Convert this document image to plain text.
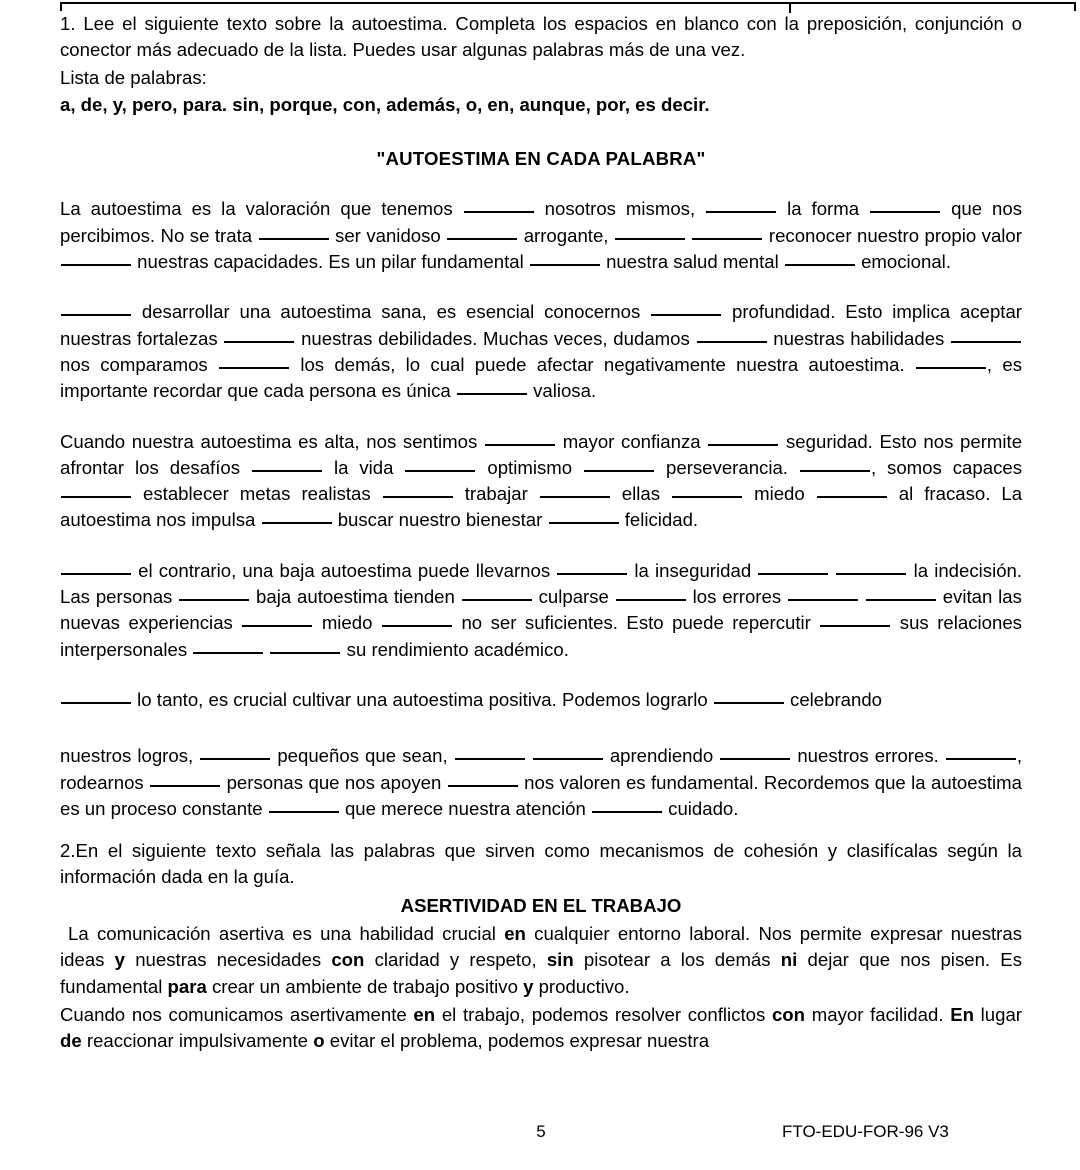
1. Lee el siguiente texto sobre la autoestima. Completa los espacios en blanco con la preposición, conjunción o conector más adecuado de la lista. Puedes usar algunas palabras más de una vez.

Lista de palabras:

a, de, y, pero, para. sin, porque, con, además, o, en, aunque, por, es decir.

"AUTOESTIMA EN CADA PALABRA"

La autoestima es la valoración que tenemos	nosotros mismos,	la forma	que nos percibimos. No se trata	ser vanidoso	arrogante,	reconocer nuestro propio valor  nuestras capacidades. Es un pilar fundamental	nuestra salud mental	emocional.

desarrollar una autoestima sana, es esencial conocernos	profundidad. Esto implica aceptar nuestras fortalezas	nuestras debilidades. Muchas veces, dudamos	nuestras habilidades  nos comparamos	los demás, lo cual puede afectar negativamente nuestra autoestima.	, es importante recordar que cada persona es única	valiosa.

Cuando nuestra autoestima es alta, nos sentimos	mayor confianza	seguridad. Esto nos permite afrontar los desafíos	la vida	optimismo	perseverancia.	, somos capaces  establecer metas realistas	trabajar	ellas	miedo	al fracaso. La autoestima nos impulsa	buscar nuestro bienestar	felicidad.

el contrario, una baja autoestima puede llevarnos	la inseguridad	la indecisión. Las personas	baja autoestima tienden	culparse	los errores	evitan las nuevas experiencias	miedo	no ser suficientes. Esto puede repercutir	sus relaciones interpersonales	su rendimiento académico.

lo tanto, es crucial cultivar una autoestima positiva. Podemos lograrlo	celebrando

nuestros logros,	pequeños que sean,	aprendiendo	nuestros errores.	, rodearnos	personas que nos apoyen	nos valoren es fundamental. Recordemos que la autoestima es un proceso constante	que merece nuestra atención	cuidado.

2.En el siguiente texto señala las palabras que sirven como mecanismos de cohesión y clasifícalas según la información dada en la guía.

ASERTIVIDAD EN EL TRABAJO

La comunicación asertiva es una habilidad crucial en cualquier entorno laboral. Nos permite expresar nuestras ideas y nuestras necesidades con claridad y respeto, sin pisotear a los demás ni dejar que nos pisen. Es fundamental para crear un ambiente de trabajo positivo y productivo.

Cuando nos comunicamos asertivamente en el trabajo, podemos resolver conflictos con mayor facilidad. En lugar de reaccionar impulsivamente o evitar el problema, podemos expresar nuestra

5	FTO-EDU-FOR-96 V3
